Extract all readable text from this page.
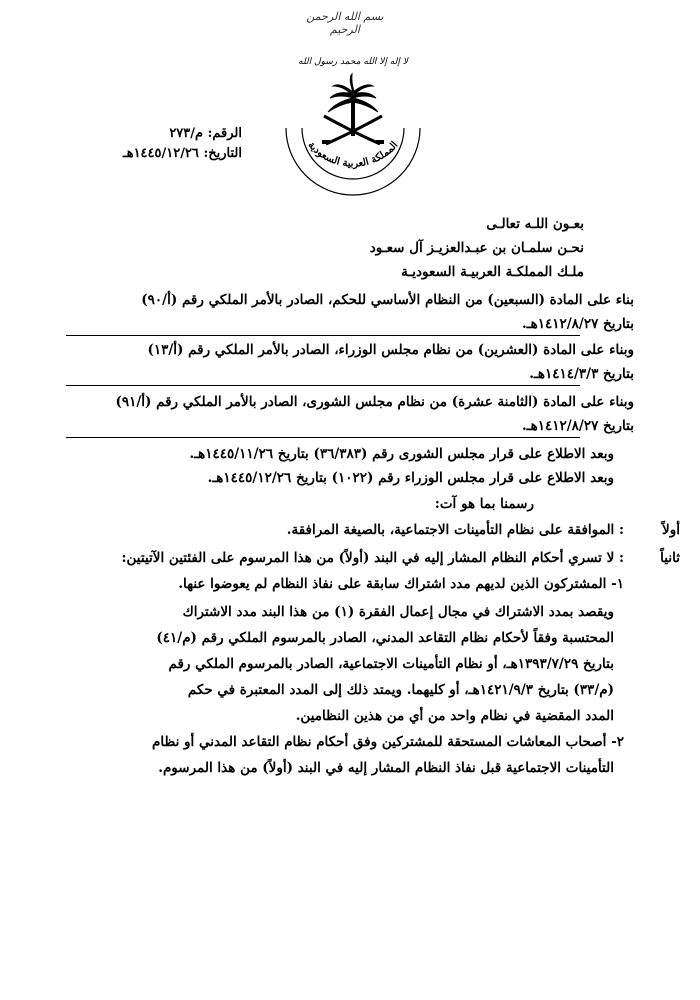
بسم الله الرحمن الرحيم
لا إله إلا الله محمد رسول الله
المملكة العربية السعودية
الرقم: م/٢٧٣
التاريخ: ١٤٤٥/١٢/٢٦هـ
بعـون اللـه تعالـى
نحـن سلمـان بن عبـدالعزيـز آل سعـود
ملـك المملكـة العربيـة السعوديـة
بناء على المادة (السبعين) من النظام الأساسي للحكم، الصادر بالأمر الملكي رقم (أ/٩٠)
بتاريخ ١٤١٢/٨/٢٧هـ.
وبناء على المادة (العشرين) من نظام مجلس الوزراء، الصادر بالأمر الملكي رقم (أ/١٣)
بتاريخ ١٤١٤/٣/٣هـ.
وبناء على المادة (الثامنة عشرة) من نظام مجلس الشورى، الصادر بالأمر الملكي رقم (أ/٩١)
بتاريخ ١٤١٢/٨/٢٧هـ.
وبعد الاطلاع على قرار مجلس الشورى رقم (٣٦/٣٨٣) بتاريخ ١٤٤٥/١١/٢٦هـ.
وبعد الاطلاع على قرار مجلس الوزراء رقم (١٠٢٢) بتاريخ ١٤٤٥/١٢/٢٦هـ.
رسمنا بما هو آت:
أولاً
: الموافقة على نظام التأمينات الاجتماعية، بالصيغة المرافقة.
ثانياً
: لا تسري أحكام النظام المشار إليه في البند (أولاً) من هذا المرسوم على الفئتين الآتيتين:
١- المشتركون الذين لديهم مدد اشتراك سابقة على نفاذ النظام لم يعوضوا عنها.
ويقصد بمدد الاشتراك في مجال إعمال الفقرة (١) من هذا البند مدد الاشتراك
المحتسبة وفقاً لأحكام نظام التقاعد المدني، الصادر بالمرسوم الملكي رقم (م/٤١)
بتاريخ ١٣٩٣/٧/٢٩هـ، أو نظام التأمينات الاجتماعية، الصادر بالمرسوم الملكي رقم
(م/٣٣) بتاريخ ١٤٢١/٩/٣هـ، أو كليهما. ويمتد ذلك إلى المدد المعتبرة في حكم
المدد المقضية في نظام واحد من أي من هذين النظامين.
٢- أصحاب المعاشات المستحقة للمشتركين وفق أحكام نظام التقاعد المدني أو نظام
التأمينات الاجتماعية قبل نفاذ النظام المشار إليه في البند (أولاً) من هذا المرسوم.
